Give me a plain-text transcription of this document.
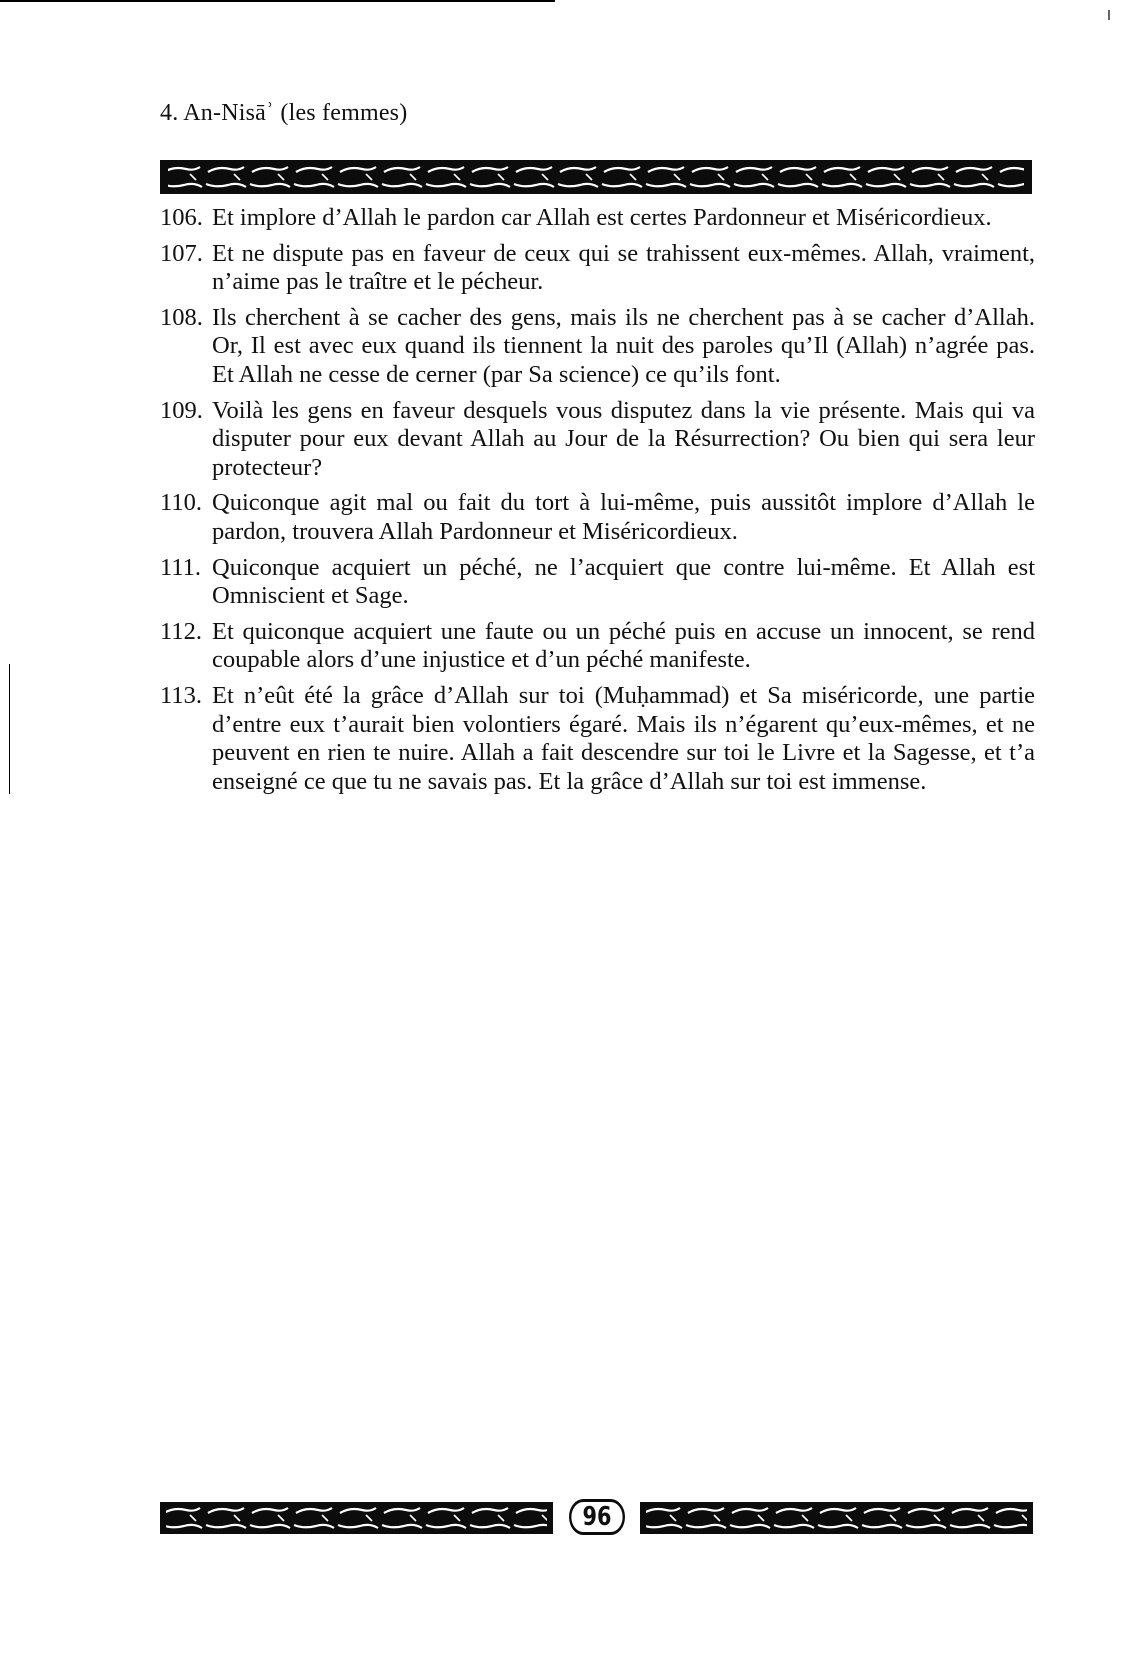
4. An-Nisāʾ (les femmes)
106. Et implore d’Allah le pardon car Allah est certes Pardonneur et Miséricordieux.
107. Et ne dispute pas en faveur de ceux qui se trahissent eux-mêmes. Allah, vraiment, n’aime pas le traître et le pécheur.
108. Ils cherchent à se cacher des gens, mais ils ne cherchent pas à se cacher d’Allah. Or, Il est avec eux quand ils tiennent la nuit des paroles qu’Il (Allah) n’agrée pas. Et Allah ne cesse de cerner (par Sa science) ce qu’ils font.
109. Voilà les gens en faveur desquels vous disputez dans la vie présente. Mais qui va disputer pour eux devant Allah au Jour de la Résurrection? Ou bien qui sera leur protecteur?
110. Quiconque agit mal ou fait du tort à lui-même, puis aussitôt implore d’Allah le pardon, trouvera Allah Pardonneur et Miséricordieux.
111. Quiconque acquiert un péché, ne l’acquiert que contre lui-même. Et Allah est Omniscient et Sage.
112. Et quiconque acquiert une faute ou un péché puis en accuse un innocent, se rend coupable alors d’une injustice et d’un péché manifeste.
113. Et n’eût été la grâce d’Allah sur toi (Muḥammad) et Sa miséricorde, une partie d’entre eux t’aurait bien volontiers égaré. Mais ils n’égarent qu’eux-mêmes, et ne peuvent en rien te nuire. Allah a fait descendre sur toi le Livre et la Sagesse, et t’a enseigné ce que tu ne savais pas. Et la grâce d’Allah sur toi est immense.
96
